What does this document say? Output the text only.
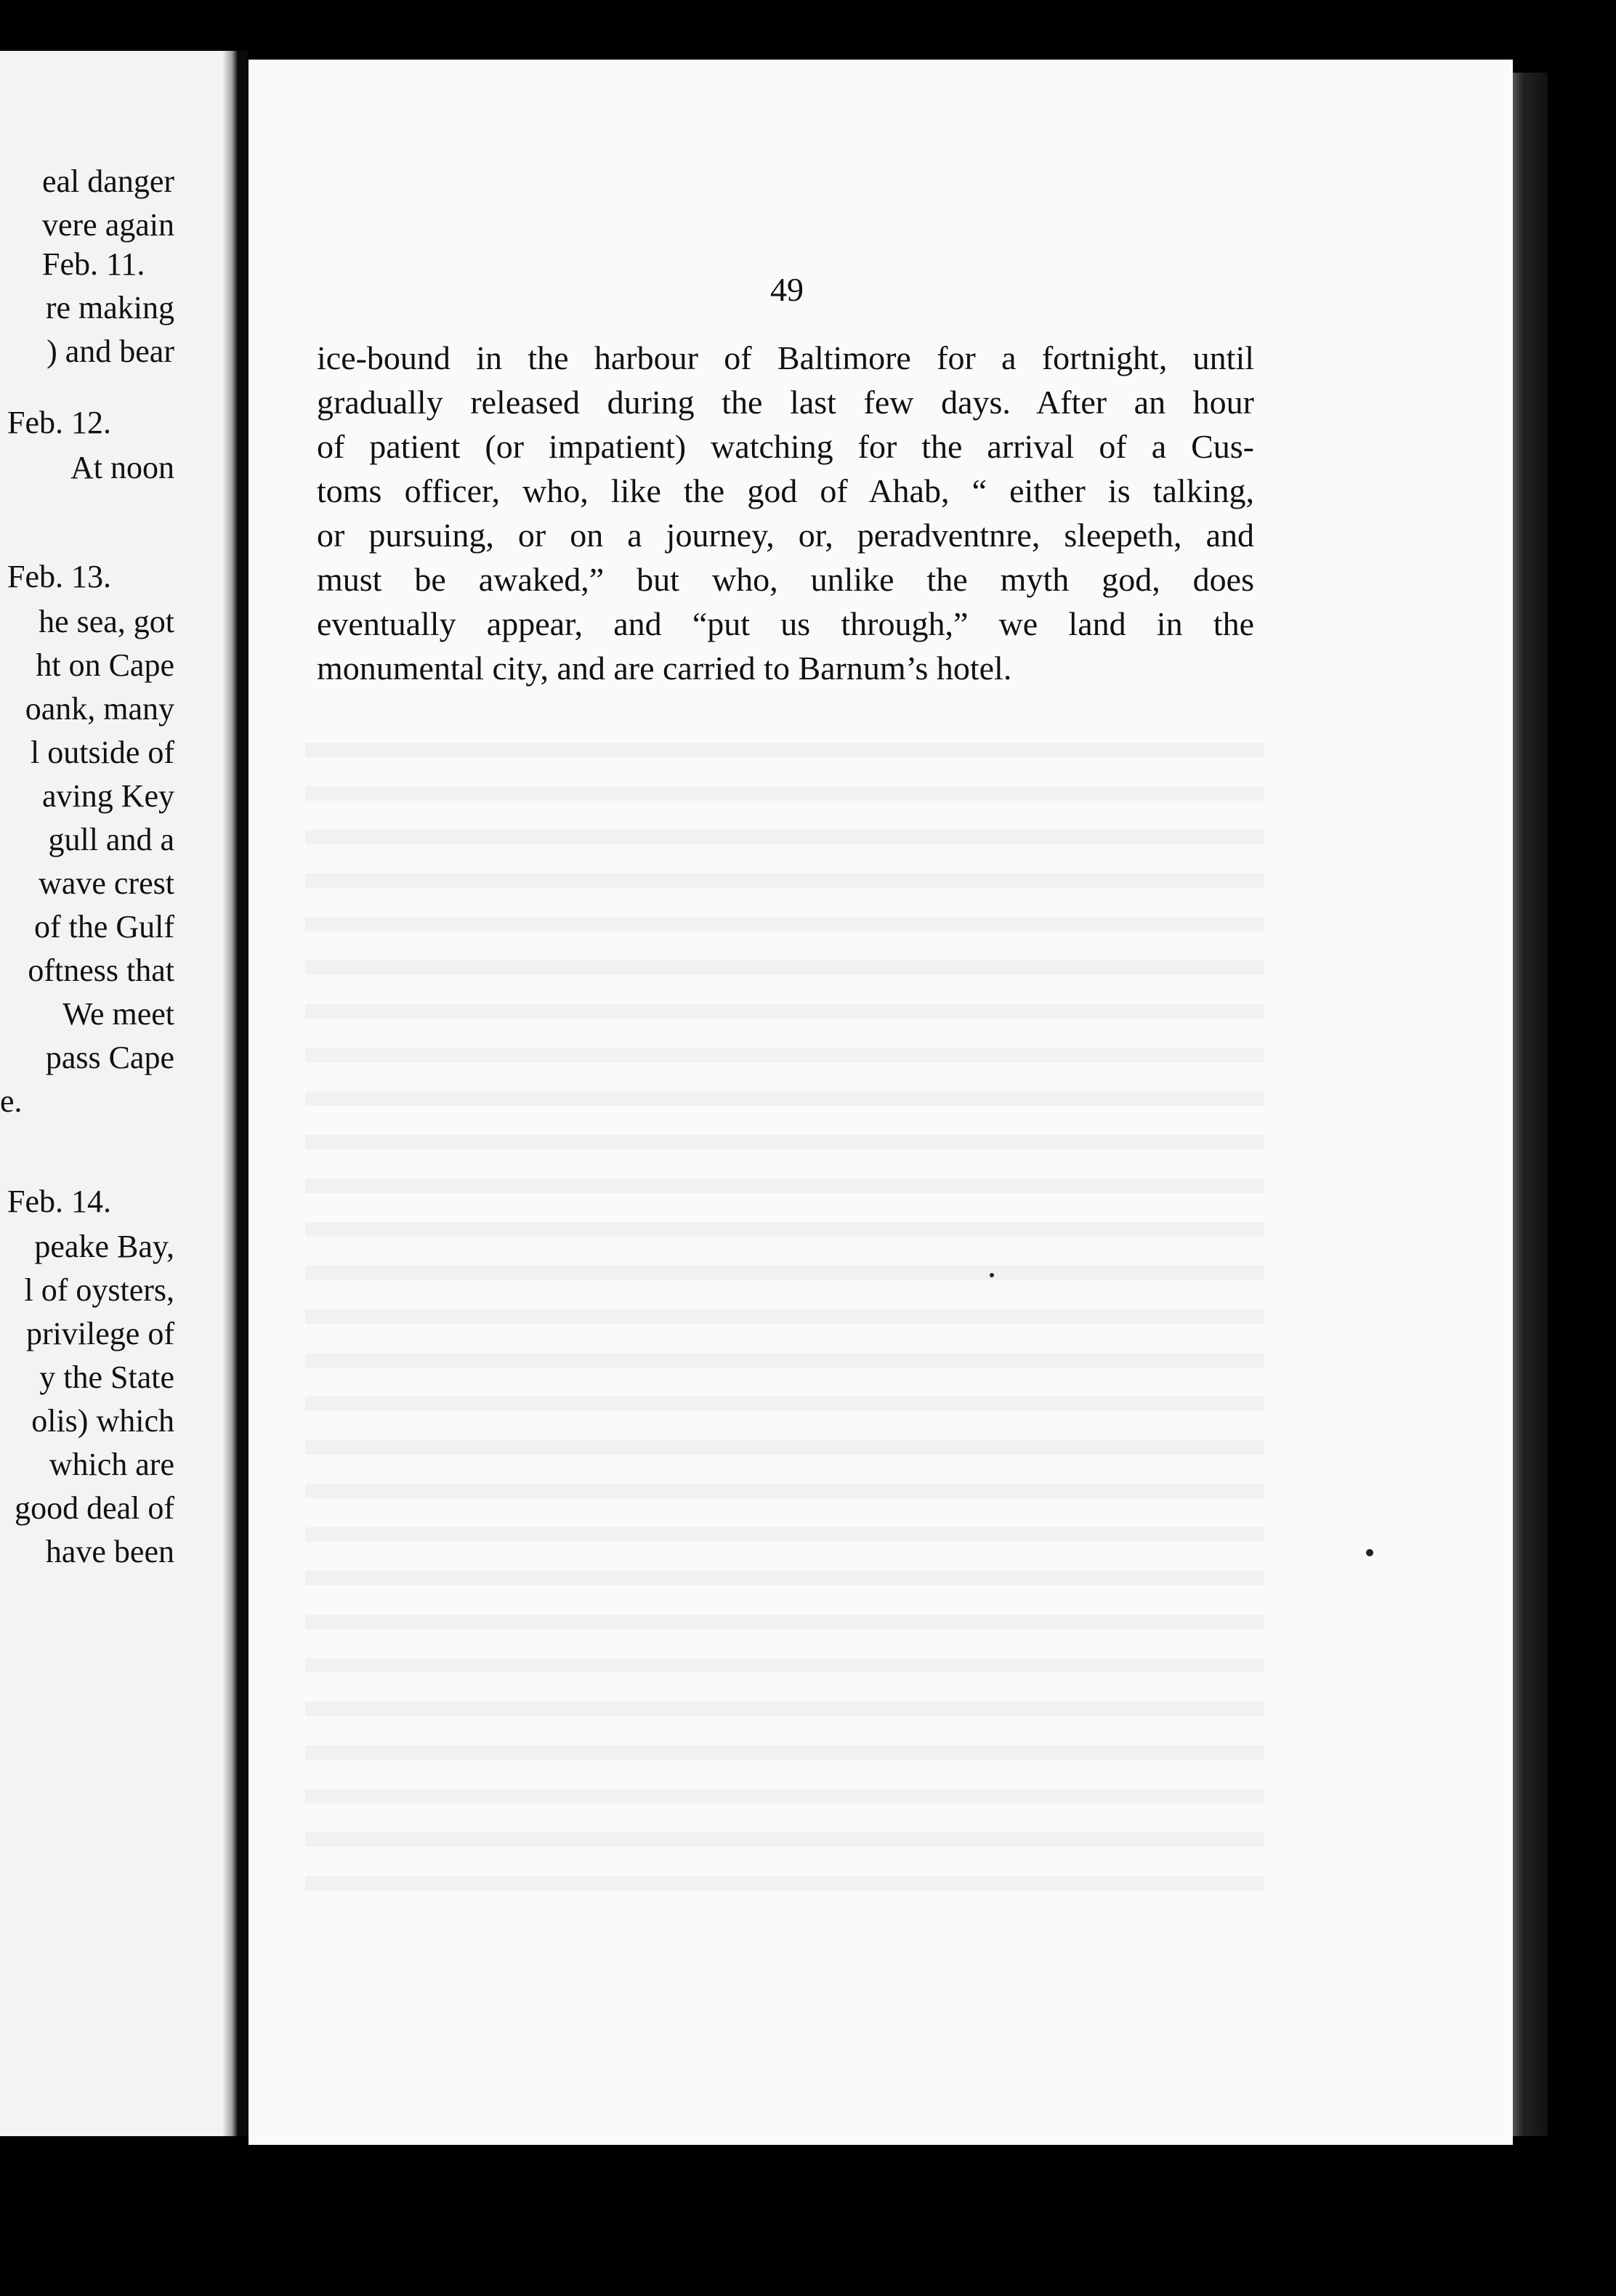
eal danger
vere again
Feb. 11.
re making
) and bear
Feb. 12.
At noon
Feb. 13.
he sea, got
ht on Cape
oank, many
l outside of
aving Key
gull and a
wave crest
of the Gulf
oftness that
We meet
pass Cape
e.
Feb. 14.
peake Bay,
l of oysters,
privilege of
y the State
olis) which
which are
good deal of
have been
49
ice-bound in the harbour of Baltimore for a fortnight, until
gradually released during the last few days. After an hour
of patient (or impatient) watching for the arrival of a Cus-
toms officer, who, like the god of Ahab, “ either is talking,
or pursuing, or on a journey, or, peradventnre, sleepeth, and
must be awaked,” but who, unlike the myth god, does
eventually appear, and “put us through,” we land in the
monumental city, and are carried to Barnum’s hotel.
